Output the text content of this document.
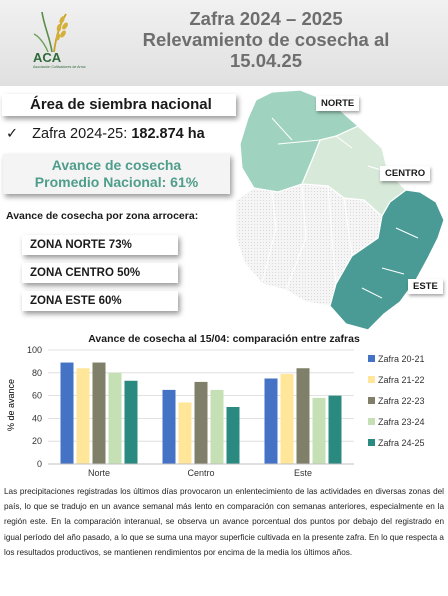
ACA
Asociación Cultivadores de Arroz
Zafra 2024 – 2025
Relevamiento de cosecha al
15.04.25
Área de siembra nacional
✓ Zafra 2024-25: 182.874 ha
Avance de cosecha
Promedio Nacional: 61%
Avance de cosecha por zona arrocera:
ZONA NORTE 73%
ZONA CENTRO 50%
ZONA ESTE 60%
NORTE
CENTRO
ESTE
Avance de cosecha al 15/04: comparación entre zafras
% de avance
0
20
40
60
80
100
Norte	Centro	Este
Zafra 20-21
Zafra 21-22
Zafra 22-23
Zafra 23-24
Zafra 24-25
Las precipitaciones registradas los últimos días provocaron un enlentecimiento de las actividades en diversas zonas del país, lo que se tradujo en un avance semanal más lento en comparación con semanas anteriores, especialmente en la región este. En la comparación interanual, se observa un avance porcentual dos puntos por debajo del registrado en igual período del año pasado, a lo que se suma una mayor superficie cultivada en la presente zafra. En lo que respecta a los resultados productivos, se mantienen rendimientos por encima de la media los últimos años.
